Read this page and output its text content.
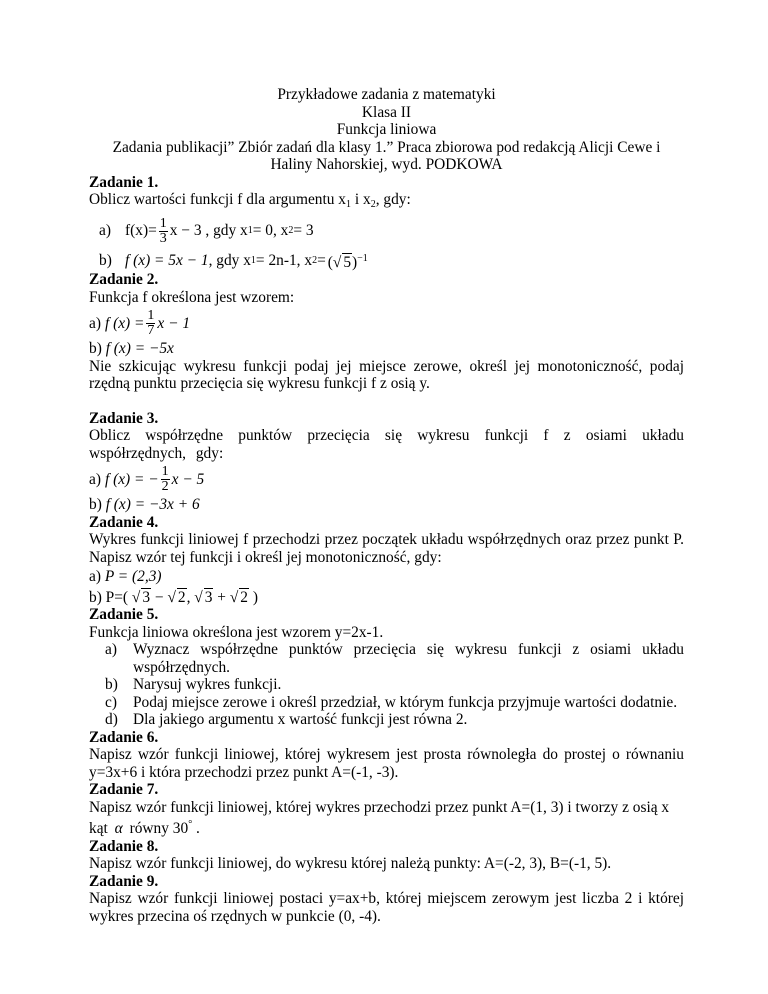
Przykładowe zadania z matematyki
Klasa II
Funkcja liniowa
Zadania publikacji” Zbiór zadań dla klasy 1.” Praca zbiorowa pod redakcją Alicji Cewe i
Haliny Nahorskiej, wyd. PODKOWA
Zadanie 1.
Oblicz wartości funkcji f dla argumentu $x_1$ i $x_2$, gdy:
a) $f(x)= \frac{1}{3}$ x − 3 , gdy x 1 = 0, x 2 = 3
b) f (x) = 5x − 1 , gdy x 1 = 2n-1, x 2 = (√ 5)$^{-1}$
Zadanie 2.
Funkcja f określona jest wzorem:
a) f $(x) = \frac{1}{7}$ x − 1
b) f (x) = −5x
Nie szkicując wykresu funkcji podaj jej miejsce zerowe, określ jej monotoniczność, podaj rzędną punktu przecięcia się wykresu funkcji f z osią y.
Zadanie 3.
Oblicz współrzędne punktów przecięcia się wykresu funkcji f z osiami układu współrzędnych, gdy:
a) f (x) = − $\frac{1}{2}$ x − 5
b) f (x) = −3x + 6
Zadanie 4.
Wykres funkcji liniowej f przechodzi przez początek układu współrzędnych oraz przez punkt P. Napisz wzór tej funkcji i określ jej monotoniczność, gdy:
a) P = (2,3)
b) P=( √ 3 − √ 2, √ 3 + √ 2 )
Zadanie 5.
Funkcja liniowa określona jest wzorem y=2x-1.
a)	Wyznacz współrzędne punktów przecięcia się wykresu funkcji z osiami układu współrzędnych.
b) Narysuj wykres funkcji.
c)	Podaj miejsce zerowe i określ przedział, w którym funkcja przyjmuje wartości dodatnie.
d) Dla jakiego argumentu x wartość funkcji jest równa 2.
Zadanie 6.
Napisz wzór funkcji liniowej, której wykresem jest prosta równoległa do prostej o równaniu y=3x+6 i która przechodzi przez punkt A=(-1, -3).
Zadanie 7.
Napisz wzór funkcji liniowej, której wykres przechodzi przez punkt A=(1, 3) i tworzy z osią x
kąt α równy 30° .
Zadanie 8.
Napisz wzór funkcji liniowej, do wykresu której należą punkty: A=(-2, 3), B=(-1, 5).
Zadanie 9.
Napisz wzór funkcji liniowej postaci y=ax+b, której miejscem zerowym jest liczba 2 i której wykres przecina oś rzędnych w punkcie (0, -4).
